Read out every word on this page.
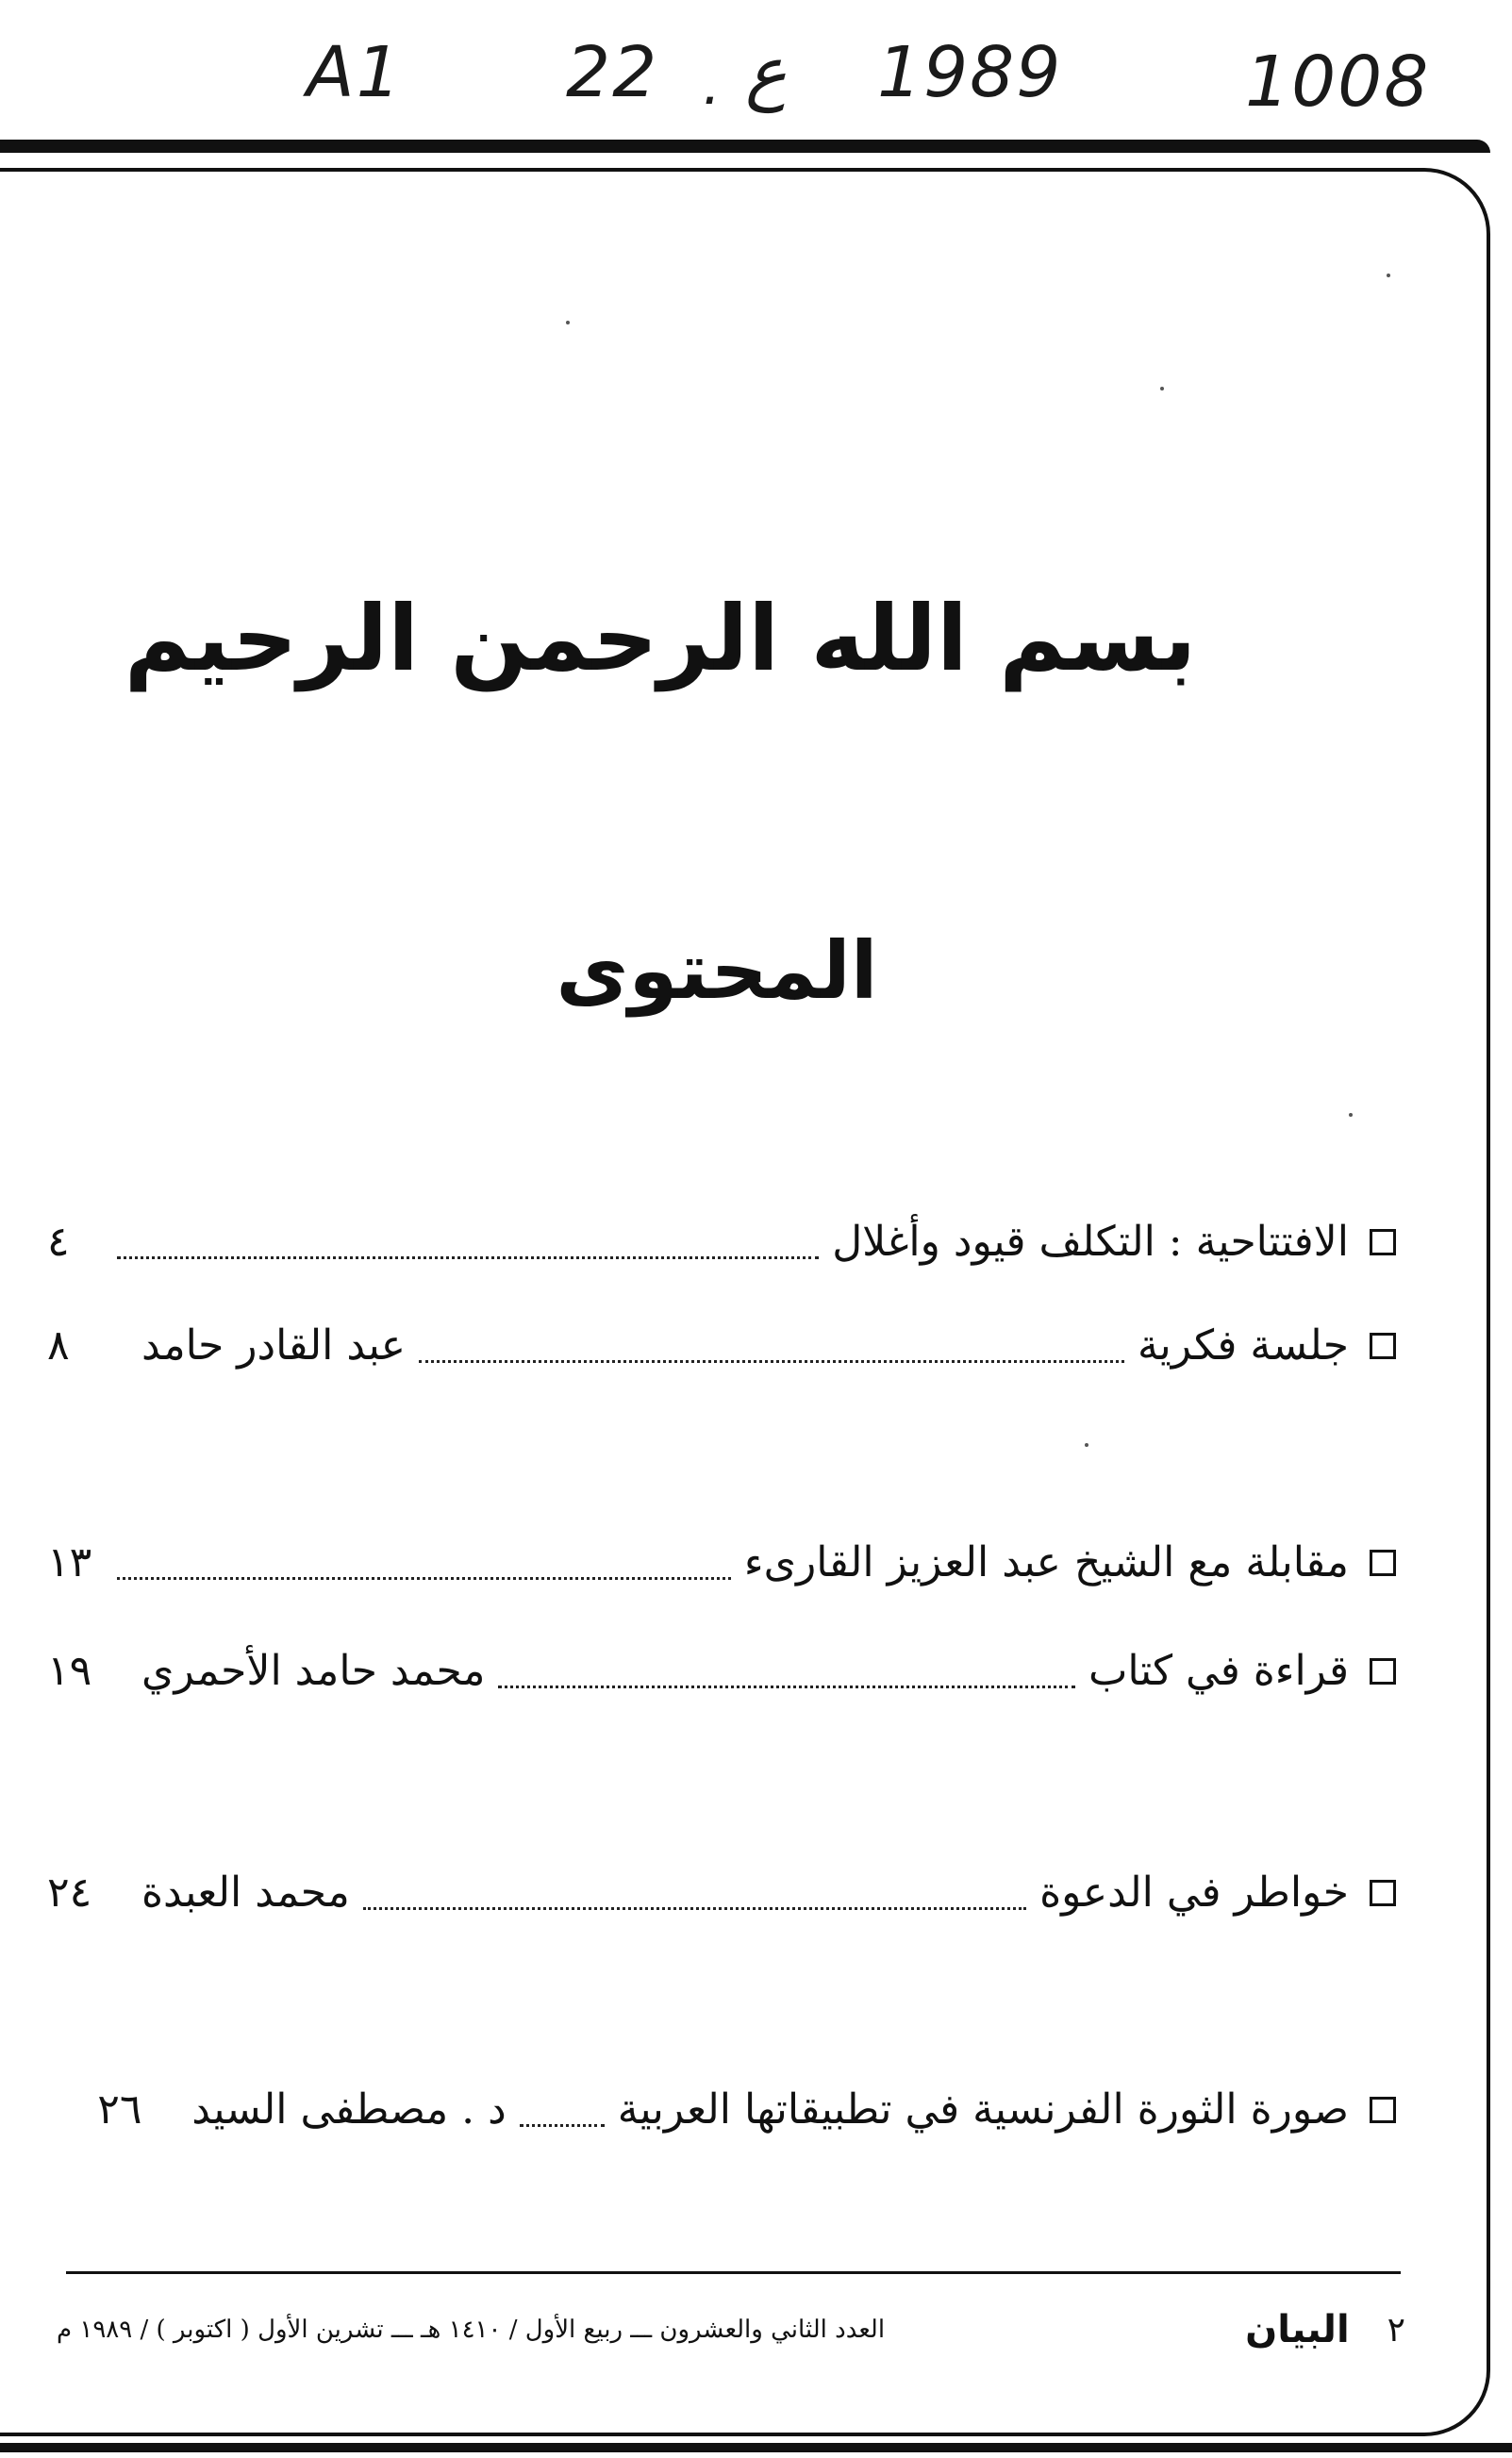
A1 22 . ع 1989	1008
بسم الله الرحمن الرحيم
المحتوى
الافتتاحية : التكلف قيود وأغلال
٤
جلسة فكرية
عبد القادر حامد
٨
مقابلة مع الشيخ عبد العزيز القارىء
١٣
قراءة في كتاب
محمد حامد الأحمري
١٩
خواطر في الدعوة
محمد العبدة
٢٤
صورة الثورة الفرنسية في تطبيقاتها العربية
د . مصطفى السيد
٢٦
٢
البيان
العدد الثاني والعشرون ـــ ربيع الأول / ١٤١٠ هـ ـــ تشرين الأول ( اكتوبر ) / ١٩٨٩ م
